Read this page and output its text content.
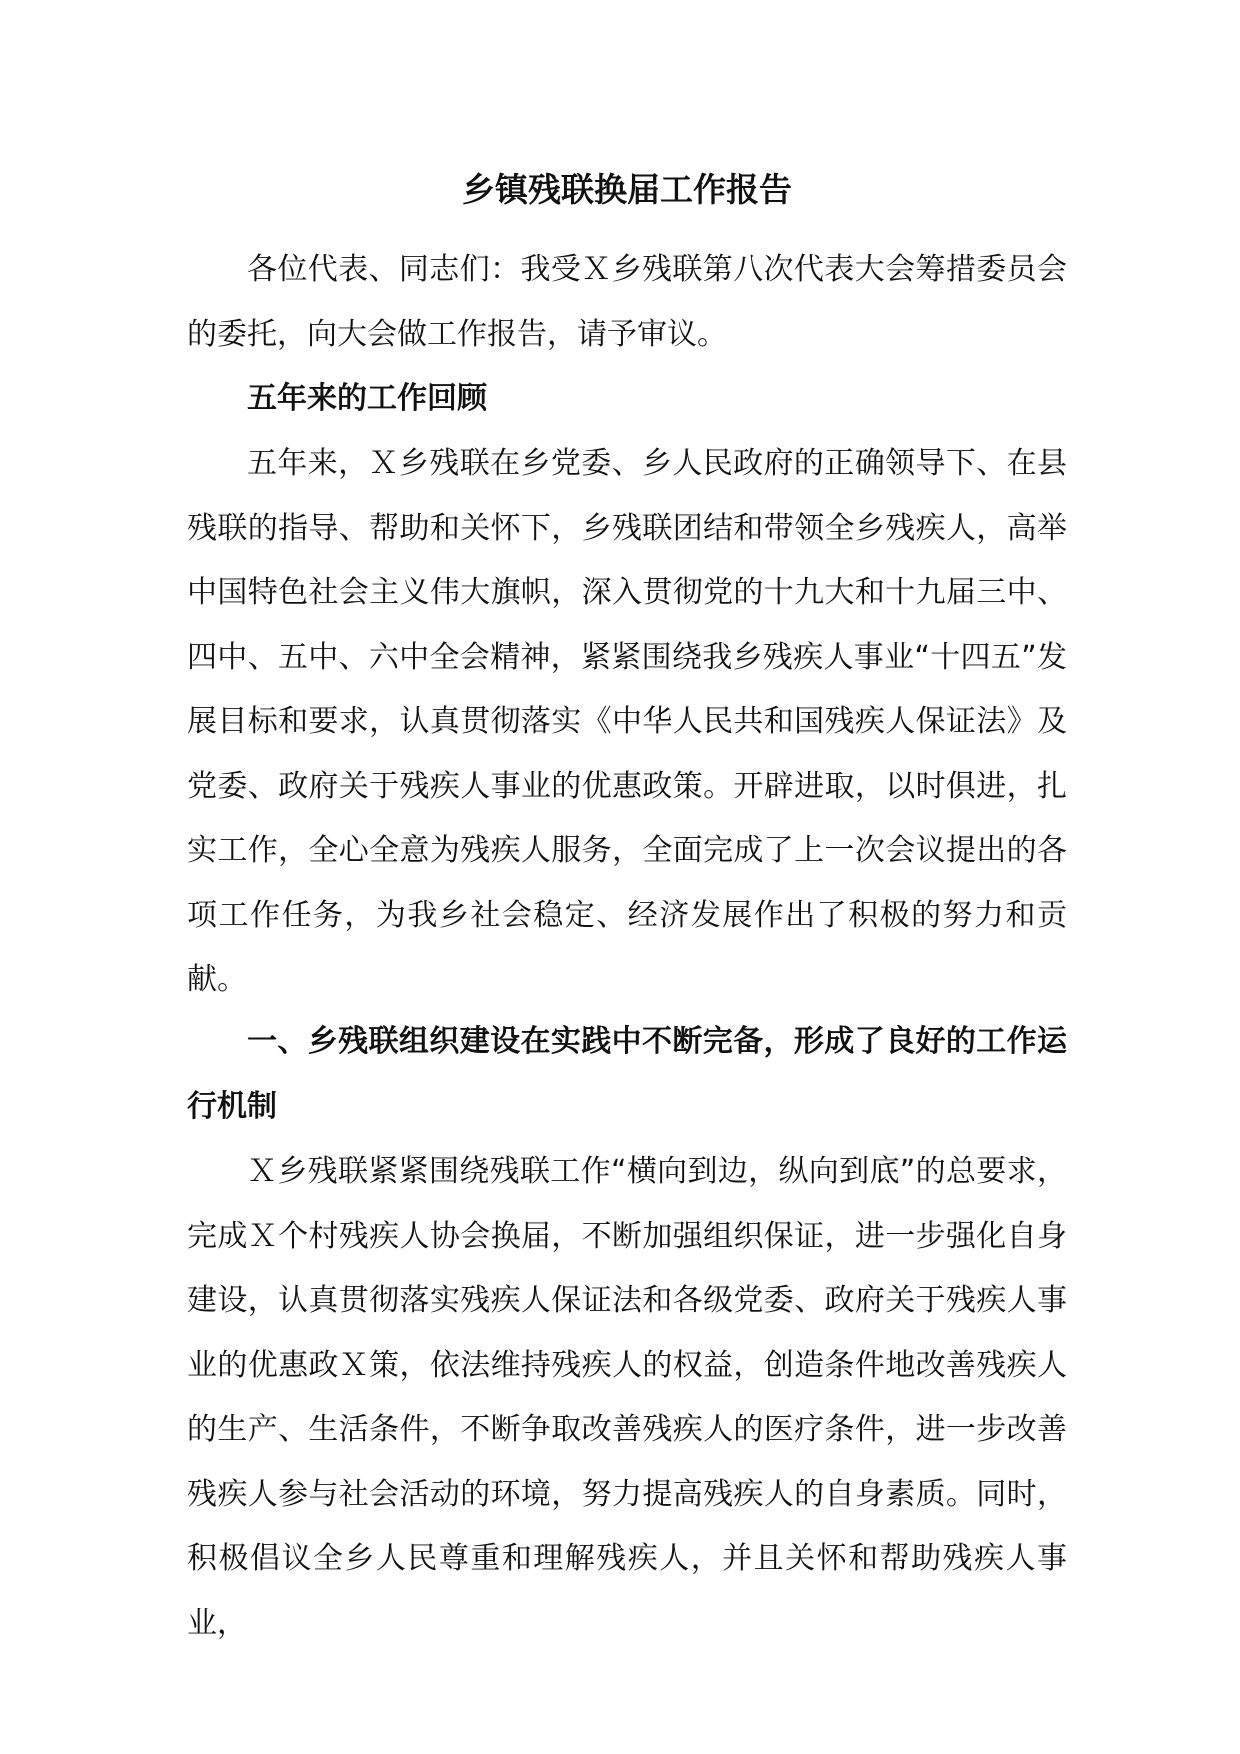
乡镇残联换届工作报告

各位代表、同志们：我受Ｘ乡残联第八次代表大会筹措委员会的委托，向大会做工作报告，请予审议。

五年来的工作回顾

五年来，Ｘ乡残联在乡党委、乡人民政府的正确领导下、在县残联的指导、帮助和关怀下，乡残联团结和带领全乡残疾人，高举中国特色社会主义伟大旗帜，深入贯彻党的十九大和十九届三中、四中、五中、六中全会精神，紧紧围绕我乡残疾人事业“十四五”发展目标和要求，认真贯彻落实《中华人民共和国残疾人保证法》及党委、政府关于残疾人事业的优惠政策。开辟进取，以时俱进，扎实工作，全心全意为残疾人服务，全面完成了上一次会议提出的各项工作任务，为我乡社会稳定、经济发展作出了积极的努力和贡献。

一、乡残联组织建设在实践中不断完备，形成了良好的工作运行机制

Ｘ乡残联紧紧围绕残联工作“横向到边，纵向到底”的总要求，完成Ｘ个村残疾人协会换届，不断加强组织保证，进一步强化自身建设，认真贯彻落实残疾人保证法和各级党委、政府关于残疾人事业的优惠政Ｘ策，依法维持残疾人的权益，创造条件地改善残疾人的生产、生活条件，不断争取改善残疾人的医疗条件，进一步改善残疾人参与社会活动的环境，努力提高残疾人的自身素质。同时，积极倡议全乡人民尊重和理解残疾人，并且关怀和帮助残疾人事业，
